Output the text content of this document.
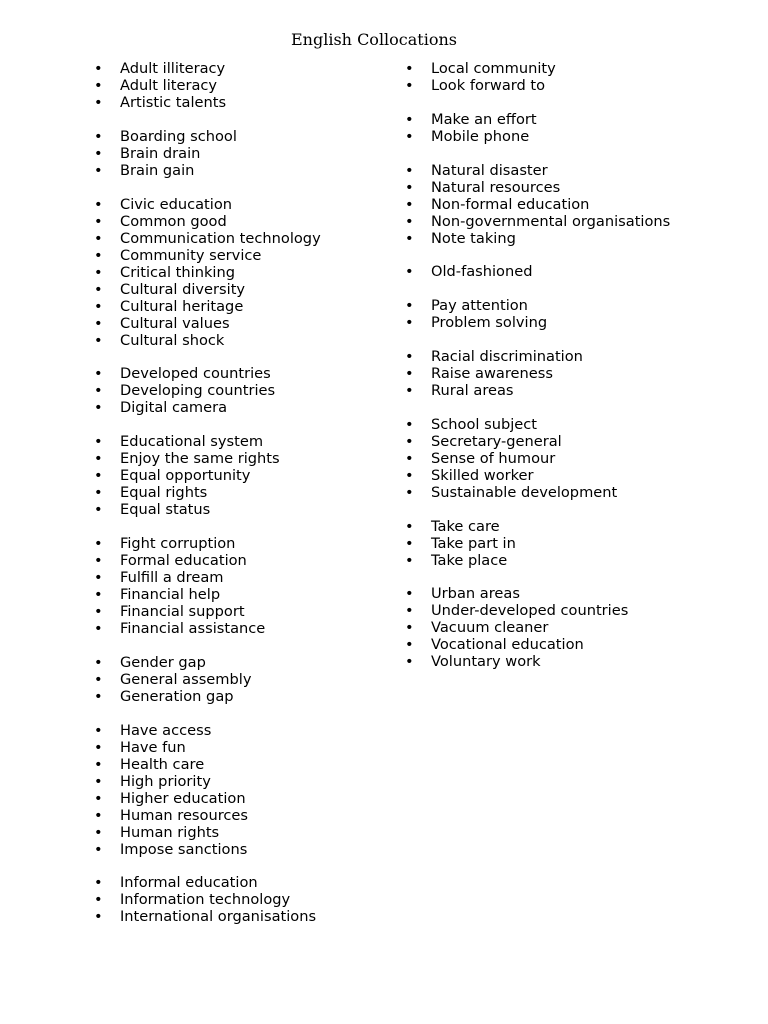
English Collocations
• Adult illiteracy
• Adult literacy
• Artistic talents
• Boarding school
• Brain drain
• Brain gain
• Civic education
• Common good
• Communication technology
• Community service
• Critical thinking
• Cultural diversity
• Cultural heritage
• Cultural values
• Cultural shock
• Developed countries
• Developing countries
• Digital camera
• Educational system
• Enjoy the same rights
• Equal opportunity
• Equal rights
• Equal status
• Fight corruption
• Formal education
• Fulfill a dream
• Financial help
• Financial support
• Financial assistance
• Gender gap
• General assembly
• Generation gap
• Have access
• Have fun
• Health care
• High priority
• Higher education
• Human resources
• Human rights
• Impose sanctions
• Informal education
• Information technology
• International organisations
• Local community
• Look forward to
• Make an effort
• Mobile phone
• Natural disaster
• Natural resources
• Non-formal education
• Non-governmental organisations
• Note taking
• Old-fashioned
• Pay attention
• Problem solving
• Racial discrimination
• Raise awareness
• Rural areas
• School subject
• Secretary-general
• Sense of humour
• Skilled worker
• Sustainable development
• Take care
• Take part in
• Take place
• Urban areas
• Under-developed countries
• Vacuum cleaner
• Vocational education
• Voluntary work
